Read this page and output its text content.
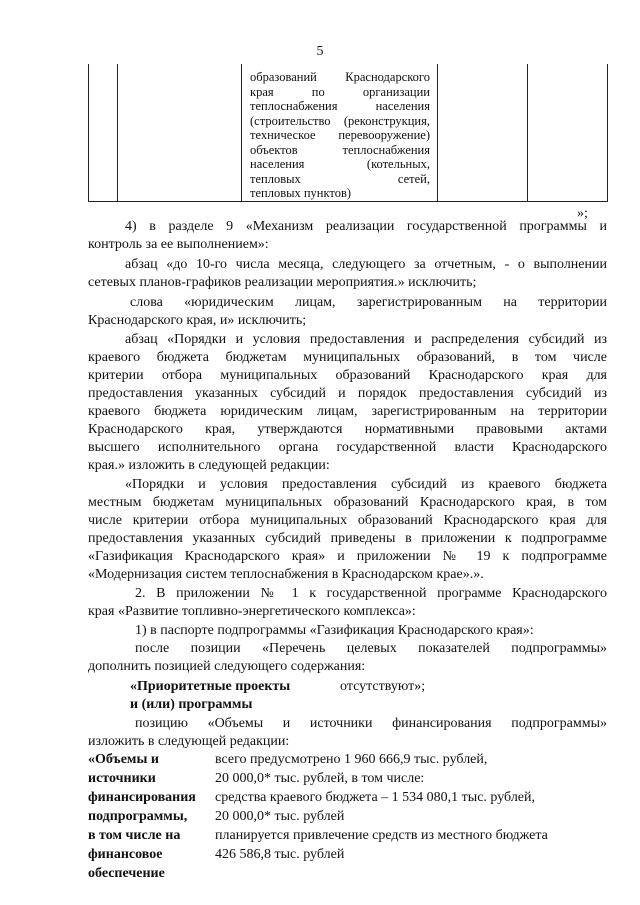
5
образований Краснодарского
края по организации
теплоснабжения населения
(строительство (реконструкция,
техническое перевооружение)
объектов теплоснабжения
населения (котельных,
тепловых сетей,
тепловых пунктов)
»;
4) в разделе 9 «Механизм реализации государственной программы и
контроль за ее выполнением»:
абзац «до 10-го числа месяца, следующего за отчетным, - о выполнении
сетевых планов-графиков реализации мероприятия.» исключить;
слова «юридическим лицам, зарегистрированным на территории
Краснодарского края, и» исключить;
абзац «Порядки и условия предоставления и распределения субсидий из
краевого бюджета бюджетам муниципальных образований, в том числе
критерии отбора муниципальных образований Краснодарского края для
предоставления указанных субсидий и порядок предоставления субсидий из
краевого бюджета юридическим лицам, зарегистрированным на территории
Краснодарского края, утверждаются нормативными правовыми актами
высшего исполнительного органа государственной власти Краснодарского
края.» изложить в следующей редакции:
«Порядки и условия предоставления субсидий из краевого бюджета
местным бюджетам муниципальных образований Краснодарского края, в том
числе критерии отбора муниципальных образований Краснодарского края для
предоставления указанных субсидий приведены в приложении к подпрограмме
«Газификация Краснодарского края» и приложении № 19 к подпрограмме
«Модернизация систем теплоснабжения в Краснодарском крае».».
2. В приложении № 1 к государственной программе Краснодарского
края «Развитие топливно-энергетического комплекса»:
1) в паспорте подпрограммы «Газификация Краснодарского края»:
после позиции «Перечень целевых показателей подпрограммы»
дополнить позицией следующего содержания:
«Приоритетные проекты	отсутствуют»;
и (или) программы
позицию «Объемы и источники финансирования подпрограммы»
изложить в следующей редакции:
«Объемы и
источники
финансирования
подпрограммы,
в том числе на
финансовое
обеспечение
всего предусмотрено 1 960 666,9 тыс. рублей,
20 000,0* тыс. рублей, в том числе:
средства краевого бюджета – 1 534 080,1 тыс. рублей,
20 000,0* тыс. рублей
планируется привлечение средств из местного бюджета
426 586,8 тыс. рублей
